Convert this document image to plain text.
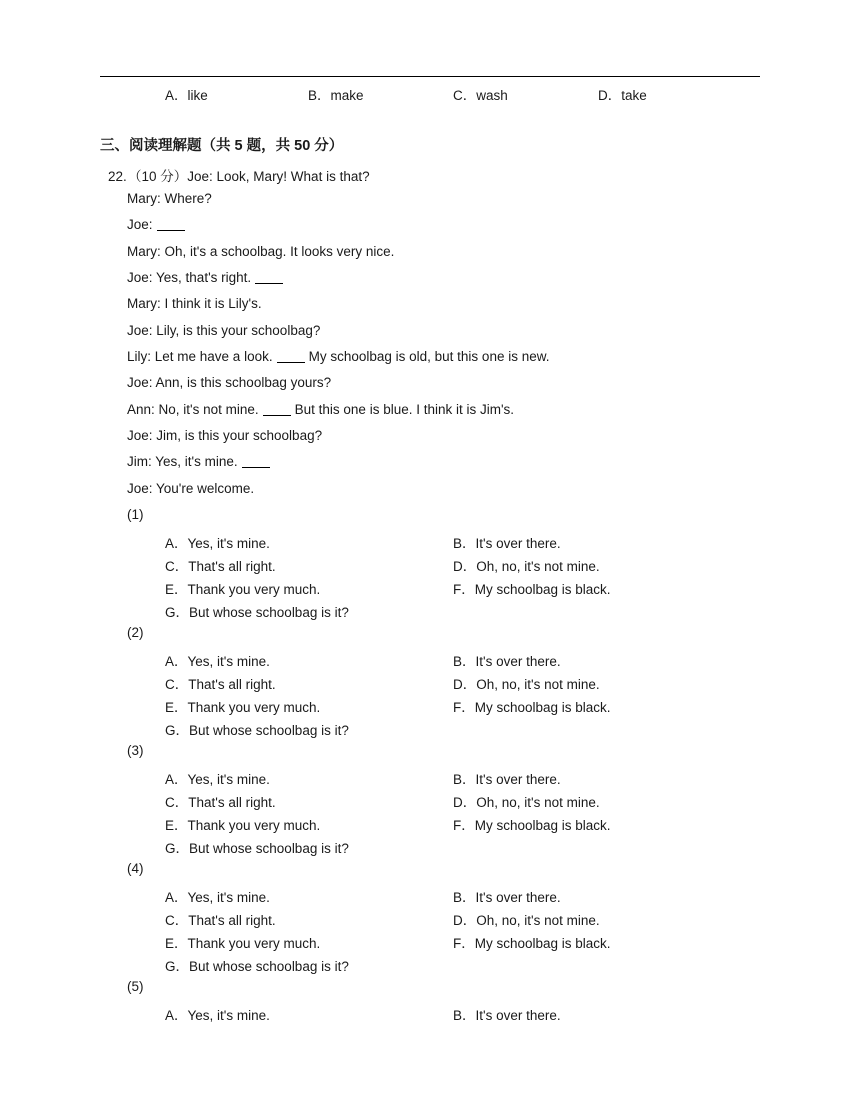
A．like	B．make	C．wash	D．take
三、阅读理解题（共 5 题，共 50 分）
22.（10 分）Joe: Look, Mary! What is that?
Mary: Where?
Joe:
Mary: Oh, it's a schoolbag. It looks very nice.
Joe: Yes, that's right.
Mary: I think it is Lily's.
Joe: Lily, is this your schoolbag?
Lily: Let me have a look.	My schoolbag is old, but this one is new.
Joe: Ann, is this schoolbag yours?
Ann: No, it's not mine.	But this one is blue. I think it is Jim's.
Joe: Jim, is this your schoolbag?
Jim: Yes, it's mine.
Joe: You're welcome.
(1)
A．Yes, it's mine.	B．It's over there.
C．That's all right.	D．Oh, no, it's not mine.
E．Thank you very much.	F．My schoolbag is black.
G．But whose schoolbag is it?
(2)
A．Yes, it's mine.	B．It's over there.
C．That's all right.	D．Oh, no, it's not mine.
E．Thank you very much.	F．My schoolbag is black.
G．But whose schoolbag is it?
(3)
A．Yes, it's mine.	B．It's over there.
C．That's all right.	D．Oh, no, it's not mine.
E．Thank you very much.	F．My schoolbag is black.
G．But whose schoolbag is it?
(4)
A．Yes, it's mine.	B．It's over there.
C．That's all right.	D．Oh, no, it's not mine.
E．Thank you very much.	F．My schoolbag is black.
G．But whose schoolbag is it?
(5)
A．Yes, it's mine.	B．It's over there.
